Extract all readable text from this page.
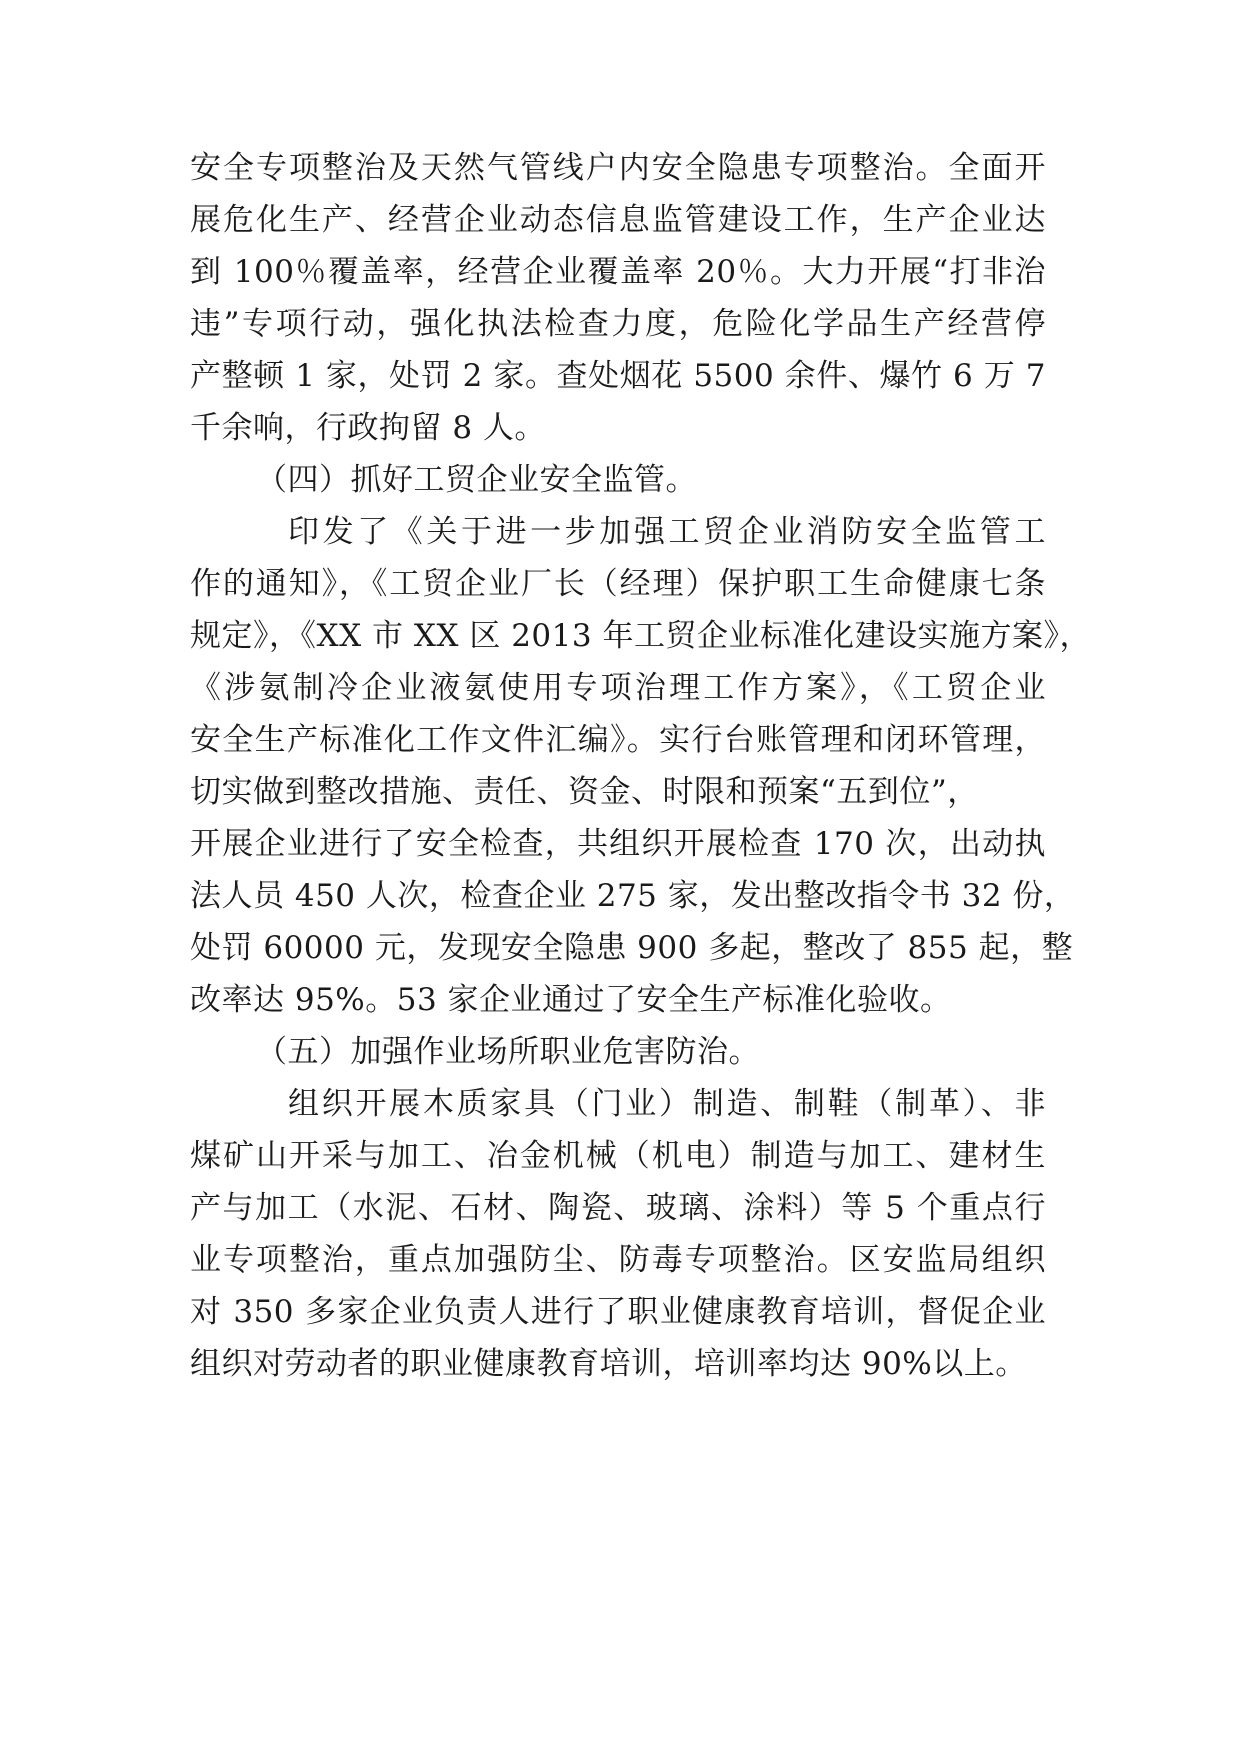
安全专项整治及天然气管线户内安全隐患专项整治。全面开
展危化生产、经营企业动态信息监管建设工作，生产企业达
到 100％覆盖率，经营企业覆盖率 20％。大力开展“打非治
违”专项行动，强化执法检查力度，危险化学品生产经营停
产整顿 1 家，处罚 2 家。查处烟花 5500 余件、爆竹 6 万 7
千余响，行政拘留 8 人。
（四）抓好工贸企业安全监管。
印发了《关于进一步加强工贸企业消防安全监管工
作的通知》，《工贸企业厂长（经理）保护职工生命健康七条
规定》，《XX 市 XX 区 2013 年工贸企业标准化建设实施方案》，
《涉氨制冷企业液氨使用专项治理工作方案》，《工贸企业
安全生产标准化工作文件汇编》。实行台账管理和闭环管理，
切实做到整改措施、责任、资金、时限和预案“五到位”，
开展企业进行了安全检查，共组织开展检查 170 次，出动执
法人员 450 人次，检查企业 275 家，发出整改指令书 32 份，
处罚 60000 元，发现安全隐患 900 多起，整改了 855 起，整
改率达 95%。53 家企业通过了安全生产标准化验收。
（五）加强作业场所职业危害防治。
组织开展木质家具（门业）制造、制鞋（制革）、非
煤矿山开采与加工、冶金机械（机电）制造与加工、建材生
产与加工（水泥、石材、陶瓷、玻璃、涂料）等 5 个重点行
业专项整治，重点加强防尘、防毒专项整治。区安监局组织
对 350 多家企业负责人进行了职业健康教育培训，督促企业
组织对劳动者的职业健康教育培训，培训率均达 90%以上。
